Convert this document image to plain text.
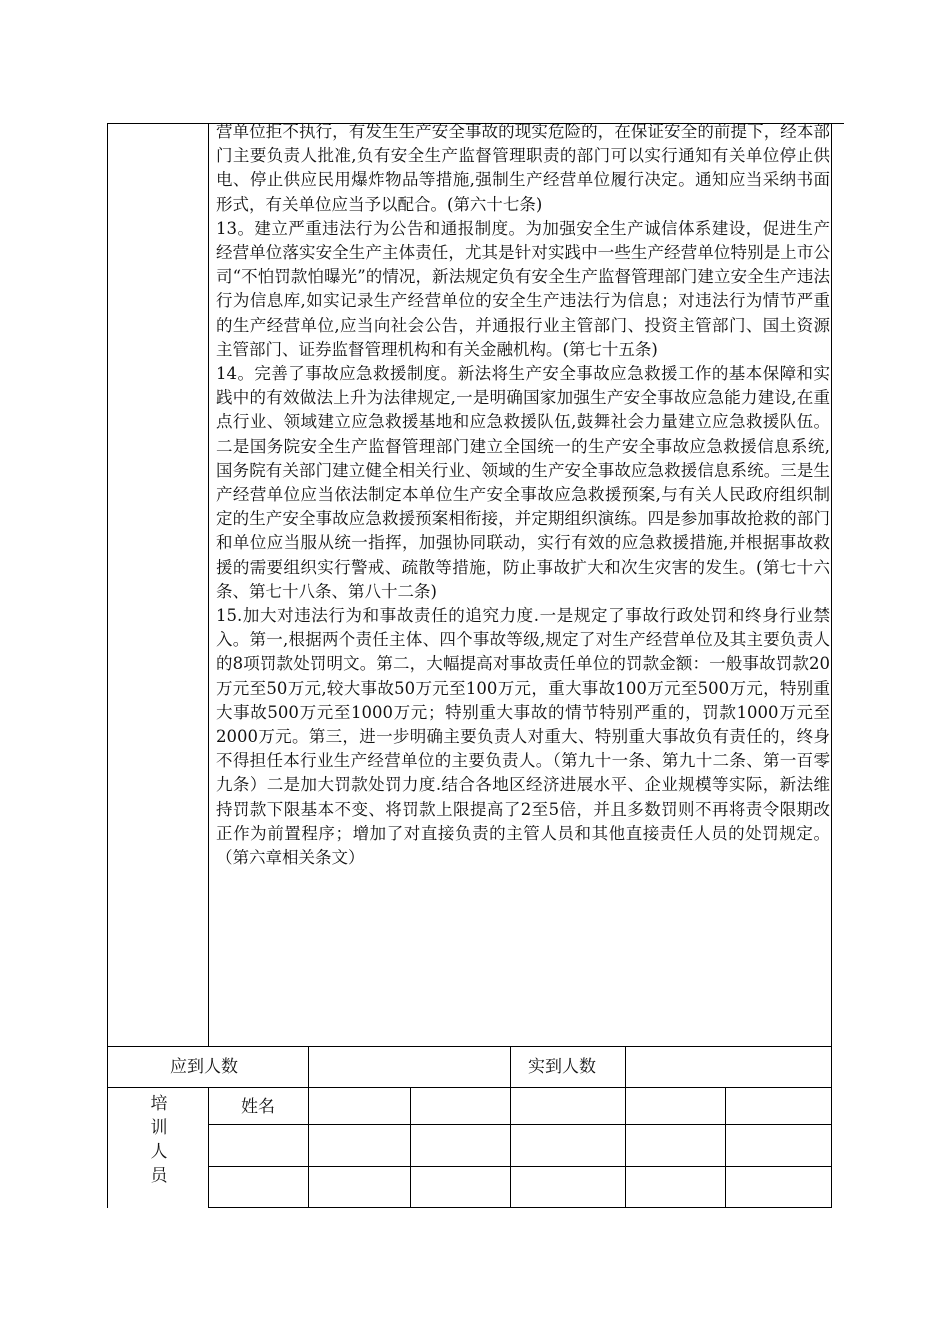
营单位拒不执行，有发生生产安全事故的现实危险的，在保证安全的前提下，经本部门主要负责人批准,负有安全生产监督管理职责的部门可以实行通知有关单位停止供电、停止供应民用爆炸物品等措施,强制生产经营单位履行决定。通知应当采纳书面形式，有关单位应当予以配合。(第六十七条)

13。建立严重违法行为公告和通报制度。为加强安全生产诚信体系建设，促进生产经营单位落实安全生产主体责任，尤其是针对实践中一些生产经营单位特别是上市公司“不怕罚款怕曝光”的情况，新法规定负有安全生产监督管理部门建立安全生产违法行为信息库,如实记录生产经营单位的安全生产违法行为信息；对违法行为情节严重的生产经营单位,应当向社会公告，并通报行业主管部门、投资主管部门、国土资源主管部门、证券监督管理机构和有关金融机构。(第七十五条)

14。完善了事故应急救援制度。新法将生产安全事故应急救援工作的基本保障和实践中的有效做法上升为法律规定,一是明确国家加强生产安全事故应急能力建设,在重点行业、领域建立应急救援基地和应急救援队伍,鼓舞社会力量建立应急救援队伍。二是国务院安全生产监督管理部门建立全国统一的生产安全事故应急救援信息系统,国务院有关部门建立健全相关行业、领域的生产安全事故应急救援信息系统。三是生产经营单位应当依法制定本单位生产安全事故应急救援预案,与有关人民政府组织制定的生产安全事故应急救援预案相衔接，并定期组织演练。四是参加事故抢救的部门和单位应当服从统一指挥，加强协同联动，实行有效的应急救援措施,并根据事故救援的需要组织实行警戒、疏散等措施，防止事故扩大和次生灾害的发生。(第七十六条、第七十八条、第八十二条)

15.加大对违法行为和事故责任的追究力度.一是规定了事故行政处罚和终身行业禁入。第一,根据两个责任主体、四个事故等级,规定了对生产经营单位及其主要负责人的8项罚款处罚明文。第二，大幅提高对事故责任单位的罚款金额：一般事故罚款20万元至50万元,较大事故50万元至100万元，重大事故100万元至500万元，特别重大事故500万元至1000万元；特别重大事故的情节特别严重的，罚款1000万元至2000万元。第三，进一步明确主要负责人对重大、特别重大事故负有责任的，终身不得担任本行业生产经营单位的主要负责人。（第九十一条、第九十二条、第一百零九条）二是加大罚款处罚力度.结合各地区经济进展水平、企业规模等实际，新法维持罚款下限基本不变、将罚款上限提高了2至5倍，并且多数罚则不再将责令限期改正作为前置程序；增加了对直接负责的主管人员和其他直接责任人员的处罚规定。（第六章相关条文）

应到人数	实到人数
培
训
人
员
姓名
